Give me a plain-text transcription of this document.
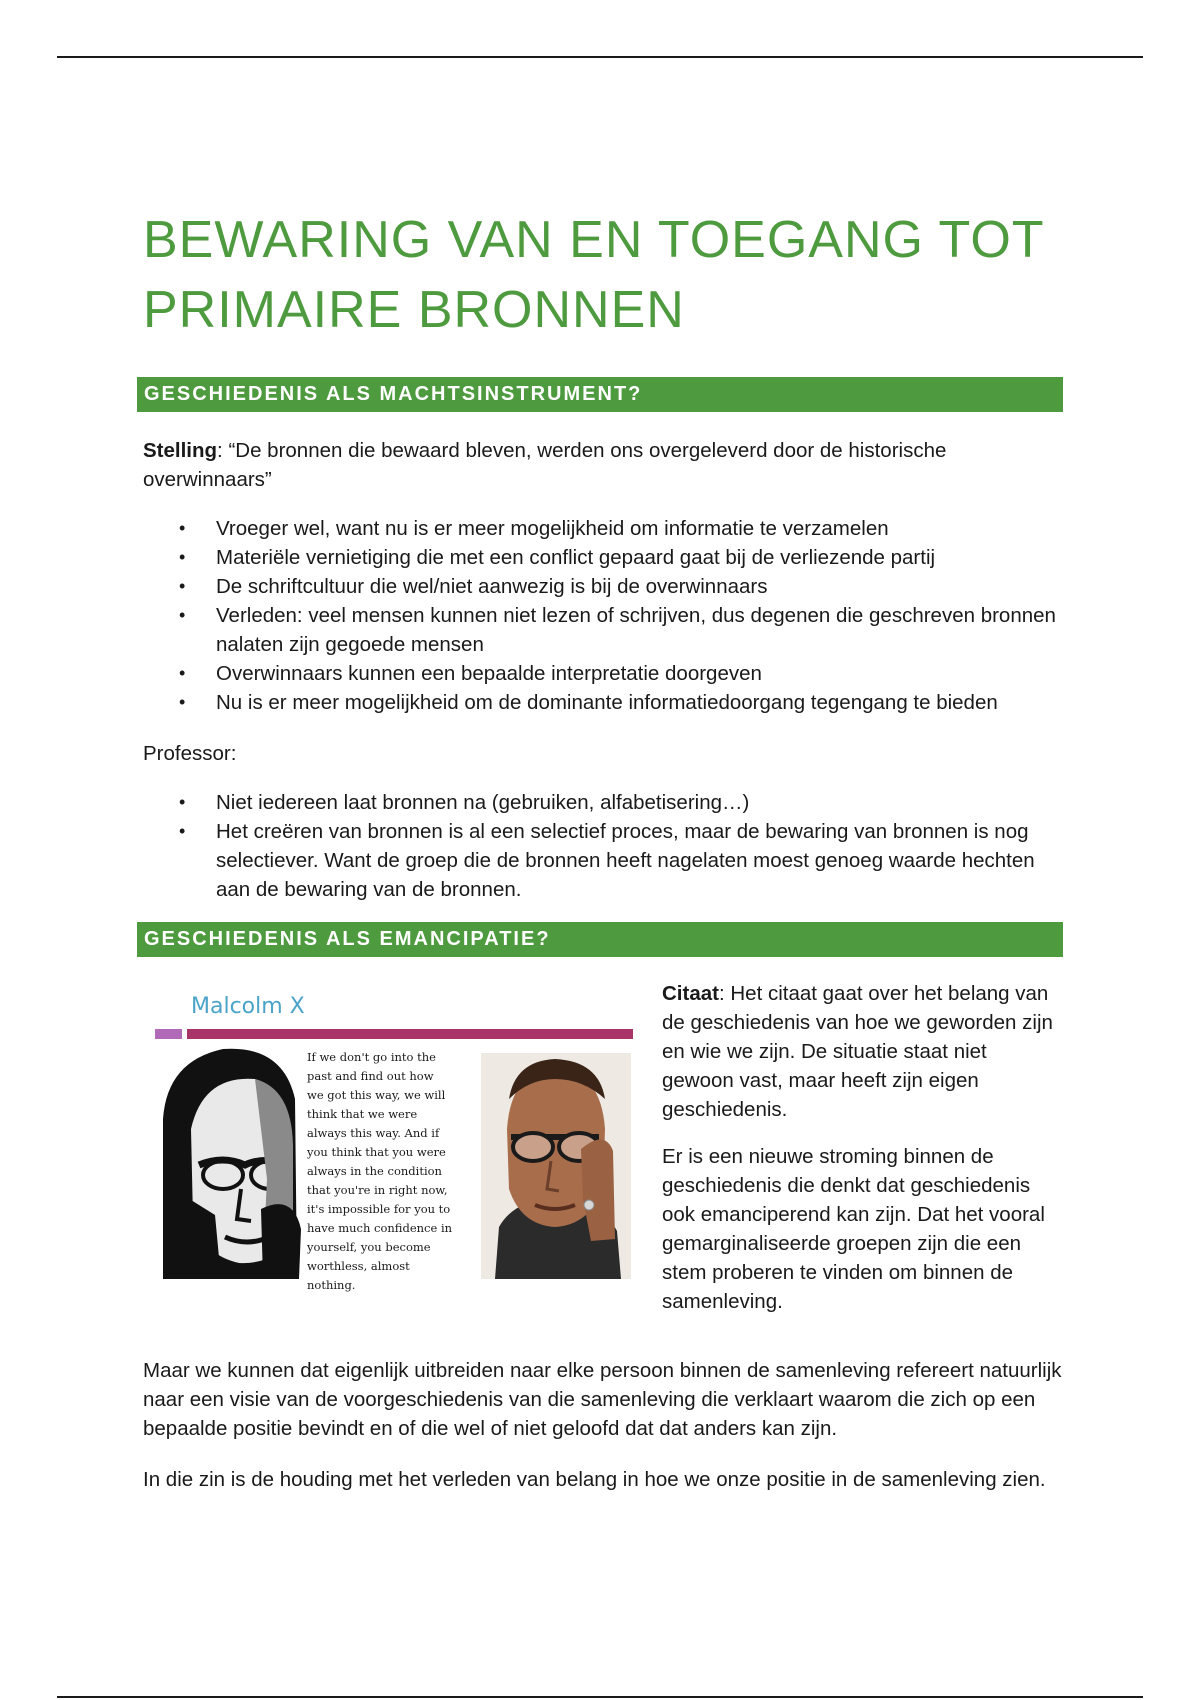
BEWARING VAN EN TOEGANG TOT PRIMAIRE BRONNEN
GESCHIEDENIS ALS MACHTSINSTRUMENT?

Stelling: “De bronnen die bewaard bleven, werden ons overgeleverd door de historische overwinnaars”

• Vroeger wel, want nu is er meer mogelijkheid om informatie te verzamelen
• Materiële vernietiging die met een conflict gepaard gaat bij de verliezende partij
• De schriftcultuur die wel/niet aanwezig is bij de overwinnaars
• Verleden: veel mensen kunnen niet lezen of schrijven, dus degenen die geschreven bronnen nalaten zijn gegoede mensen
• Overwinnaars kunnen een bepaalde interpretatie doorgeven
• Nu is er meer mogelijkheid om de dominante informatiedoorgang tegengang te bieden

Professor:

• Niet iedereen laat bronnen na (gebruiken, alfabetisering…)
• Het creëren van bronnen is al een selectief proces, maar de bewaring van bronnen is nog selectiever. Want de groep die de bronnen heeft nagelaten moest genoeg waarde hechten aan de bewaring van de bronnen.
GESCHIEDENIS ALS EMANCIPATIE?
Malcolm X
If we don't go into the
past and find out how
we got this way, we will
think that we were
always this way. And if
you think that you were
always in the condition
that you're in right now,
it's impossible for you to
have much confidence in
yourself, you become
worthless, almost
nothing.

Citaat: Het citaat gaat over het belang van de geschiedenis van hoe we geworden zijn en wie we zijn. De situatie staat niet gewoon vast, maar heeft zijn eigen geschiedenis.

Er is een nieuwe stroming binnen de geschiedenis die denkt dat geschiedenis ook emanciperend kan zijn. Dat het vooral gemarginaliseerde groepen zijn die een stem proberen te vinden om binnen de samenleving.

Maar we kunnen dat eigenlijk uitbreiden naar elke persoon binnen de samenleving refereert natuurlijk naar een visie van de voorgeschiedenis van die samenleving die verklaart waarom die zich op een bepaalde positie bevindt en of die wel of niet geloofd dat dat anders kan zijn.

In die zin is de houding met het verleden van belang in hoe we onze positie in de samenleving zien.
